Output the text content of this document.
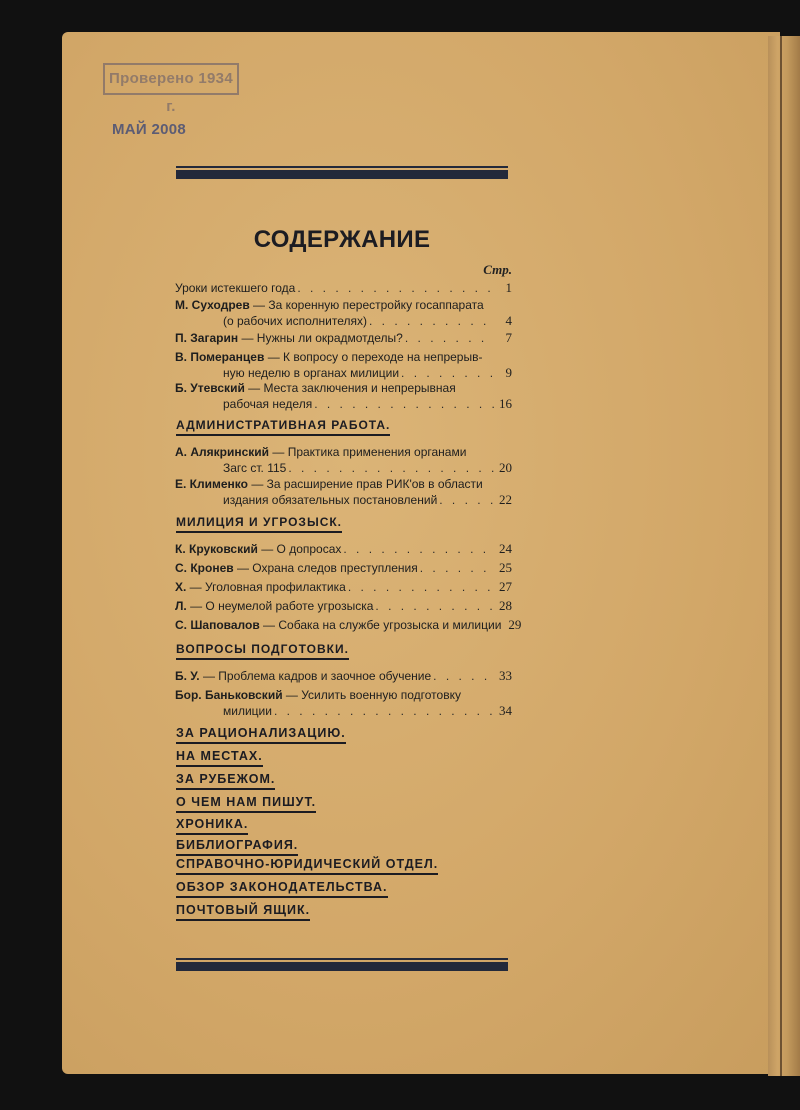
Проверено 1934 г.
МАЙ 2008
СОДЕРЖАНИЕ
Стр.
Уроки истекшего года . . .	1
М. Суходрев — За коренную перестройку госаппарата
(о рабочих исполнителях) . . .	4
П. Загарин — Нужны ли окрадмотделы? . . .	7
В. Померанцев — К вопросу о переходе на непрерыв-
ную неделю в органах милиции . . .	9
Б. Утевский — Места заключения и непрерывная
рабочая неделя . . .	16
АДМИНИСТРАТИВНАЯ РАБОТА.
А. Алякринский — Практика применения органами
Загс ст. 115 . . .	20
Е. Клименко — За расширение прав РИК'ов в области
издания обязательных постановлений . . .	22
МИЛИЦИЯ И УГРОЗЫСК.
К. Круковский — О допросах . . .	24
С. Кронев — Охрана следов преступления . . .	25
Х. — Уголовная профилактика . . .	27
Л. — О неумелой работе угрозыска . . .	28
С. Шаповалов — Собака на службе угрозыска и милиции 29
ВОПРОСЫ ПОДГОТОВКИ.
Б. У. — Проблема кадров и заочное обучение . . .	33
Бор. Баньковский — Усилить военную подготовку
милиции . . .	34
ЗА РАЦИОНАЛИЗАЦИЮ.
НА МЕСТАХ.
ЗА РУБЕЖОМ.
О ЧЕМ НАМ ПИШУТ.
ХРОНИКА.
БИБЛИОГРАФИЯ.
СПРАВОЧНО-ЮРИДИЧЕСКИЙ ОТДЕЛ.
ОБЗОР ЗАКОНОДАТЕЛЬСТВА.
ПОЧТОВЫЙ ЯЩИК.
